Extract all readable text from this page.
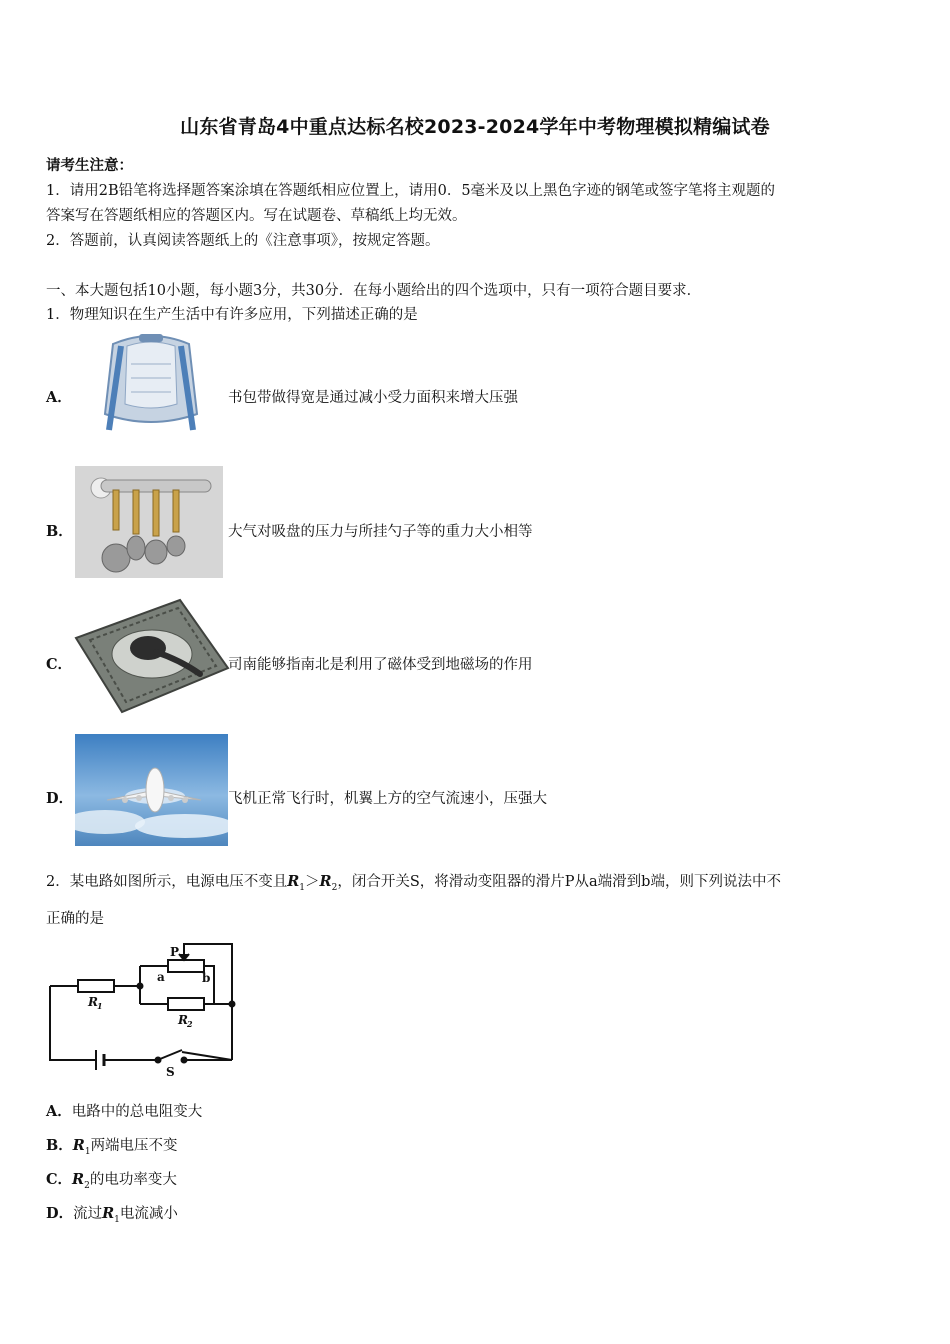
山东省青岛4中重点达标名校2023-2024学年中考物理模拟精编试卷
请考生注意：
1．请用2B铅笔将选择题答案涂填在答题纸相应位置上，请用0．5毫米及以上黑色字迹的钢笔或签字笔将主观题的
答案写在答题纸相应的答题区内。写在试题卷、草稿纸上均无效。
2．答题前，认真阅读答题纸上的《注意事项》，按规定答题。
一、本大题包括10小题，每小题3分，共30分．在每小题给出的四个选项中，只有一项符合题目要求．
1．物理知识在生产生活中有许多应用，下列描述正确的是
A．	书包带做得宽是通过减小受力面积来增大压强
B．	大气对吸盘的压力与所挂勺子等的重力大小相等
C．	司南能够指南北是利用了磁体受到地磁场的作用
D．	飞机正常飞行时，机翼上方的空气流速小，压强大
2．某电路如图所示，电源电压不变且$R_1>R_2$，闭合开关S，将滑动变阻器的滑片P从a端滑到b端，则下列说法中不
正确的是
P
a	b
R 1
R 2
S
A．电路中的总电阻变大
B．$R_1$两端电压不变
C．$R_2$的电功率变大
D．流过$R_1$电流减小
